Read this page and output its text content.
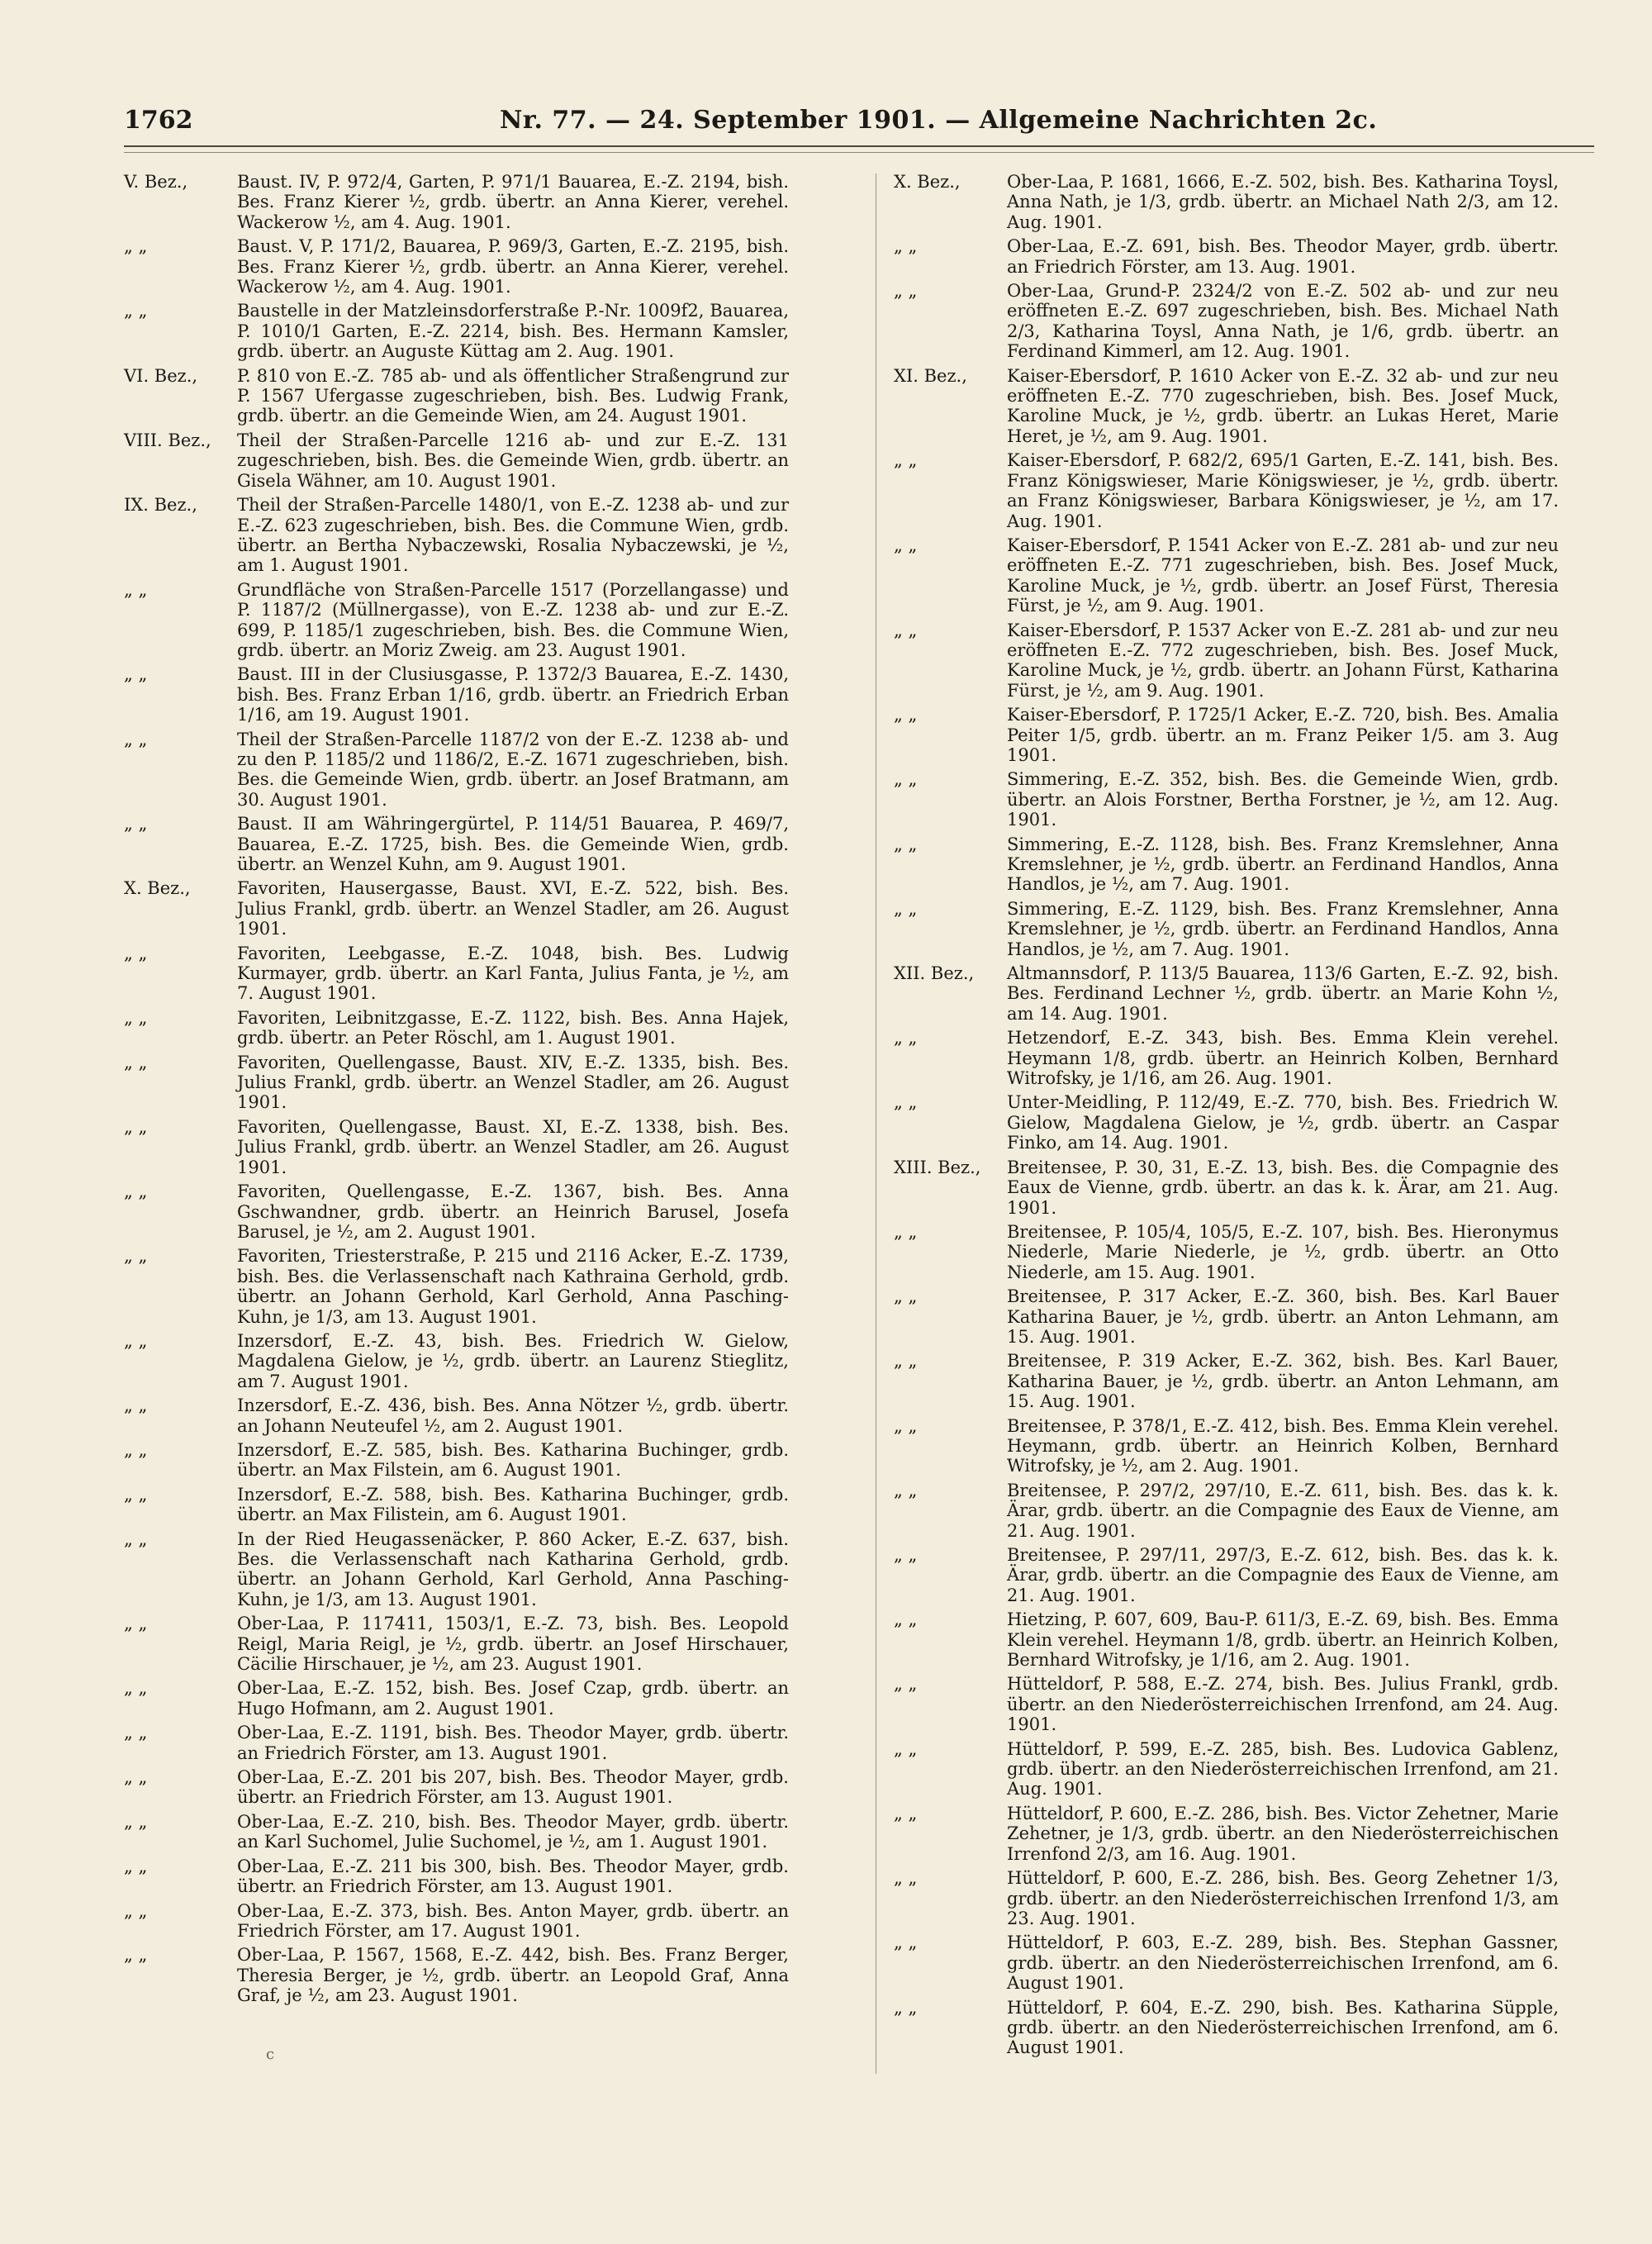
1762	Nr. 77. — 24. September 1901. — Allgemeine Nachrichten 2c.
V. Bez.,	Baust. IV, P. 972/4, Garten, P. 971/1 Bauarea, E.-Z. 2194, bish. Bes. Franz Kierer ½, grdb. übertr. an Anna Kierer, verehel. Wackerow ½, am 4. Aug. 1901.
„ „	Baust. V, P. 171/2, Bauarea, P. 969/3, Garten, E.-Z. 2195, bish. Bes. Franz Kierer ½, grdb. übertr. an Anna Kierer, verehel. Wackerow ½, am 4. Aug. 1901.
„ „	Baustelle in der Matzleinsdorferstraße P.-Nr. 1009f2, Bauarea, P. 1010/1 Garten, E.-Z. 2214, bish. Bes. Hermann Kamsler, grdb. übertr. an Auguste Küttag am 2. Aug. 1901.
VI. Bez.,	P. 810 von E.-Z. 785 ab- und als öffentlicher Straßengrund zur P. 1567 Ufergasse zugeschrieben, bish. Bes. Ludwig Frank, grdb. übertr. an die Gemeinde Wien, am 24. August 1901.
VIII. Bez.,	Theil der Straßen-Parcelle 1216 ab- und zur E.-Z. 131 zugeschrieben, bish. Bes. die Gemeinde Wien, grdb. übertr. an Gisela Wähner, am 10. August 1901.
IX. Bez.,	Theil der Straßen-Parcelle 1480/1, von E.-Z. 1238 ab- und zur E.-Z. 623 zugeschrieben, bish. Bes. die Commune Wien, grdb. übertr. an Bertha Nybaczewski, Rosalia Nybaczewski, je ½, am 1. August 1901.
„ „	Grundfläche von Straßen-Parcelle 1517 (Porzellangasse) und P. 1187/2 (Müllnergasse), von E.-Z. 1238 ab- und zur E.-Z. 699, P. 1185/1 zugeschrieben, bish. Bes. die Commune Wien, grdb. übertr. an Moriz Zweig. am 23. August 1901.
„ „	Baust. III in der Clusiusgasse, P. 1372/3 Bauarea, E.-Z. 1430, bish. Bes. Franz Erban 1/16, grdb. übertr. an Friedrich Erban 1/16, am 19. August 1901.
„ „	Theil der Straßen-Parcelle 1187/2 von der E.-Z. 1238 ab- und zu den P. 1185/2 und 1186/2, E.-Z. 1671 zugeschrieben, bish. Bes. die Gemeinde Wien, grdb. übertr. an Josef Bratmann, am 30. August 1901.
„ „	Baust. II am Währingergürtel, P. 114/51 Bauarea, P. 469/7, Bauarea, E.-Z. 1725, bish. Bes. die Gemeinde Wien, grdb. übertr. an Wenzel Kuhn, am 9. August 1901.
X. Bez.,	Favoriten, Hausergasse, Baust. XVI, E.-Z. 522, bish. Bes. Julius Frankl, grdb. übertr. an Wenzel Stadler, am 26. August 1901.
„ „	Favoriten, Leebgasse, E.-Z. 1048, bish. Bes. Ludwig Kurmayer, grdb. übertr. an Karl Fanta, Julius Fanta, je ½, am 7. August 1901.
„ „	Favoriten, Leibnitzgasse, E.-Z. 1122, bish. Bes. Anna Hajek, grdb. übertr. an Peter Röschl, am 1. August 1901.
„ „	Favoriten, Quellengasse, Baust. XIV, E.-Z. 1335, bish. Bes. Julius Frankl, grdb. übertr. an Wenzel Stadler, am 26. August 1901.
„ „	Favoriten, Quellengasse, Baust. XI, E.-Z. 1338, bish. Bes. Julius Frankl, grdb. übertr. an Wenzel Stadler, am 26. August 1901.
„ „	Favoriten, Quellengasse, E.-Z. 1367, bish. Bes. Anna Gschwandner, grdb. übertr. an Heinrich Barusel, Josefa Barusel, je ½, am 2. August 1901.
„ „	Favoriten, Triesterstraße, P. 215 und 2116 Acker, E.-Z. 1739, bish. Bes. die Verlassenschaft nach Kathraina Gerhold, grdb. übertr. an Johann Gerhold, Karl Gerhold, Anna Pasching-Kuhn, je 1/3, am 13. August 1901.
„ „	Inzersdorf, E.-Z. 43, bish. Bes. Friedrich W. Gielow, Magdalena Gielow, je ½, grdb. übertr. an Laurenz Stieglitz, am 7. August 1901.
„ „	Inzersdorf, E.-Z. 436, bish. Bes. Anna Nötzer ½, grdb. übertr. an Johann Neuteufel ½, am 2. August 1901.
„ „	Inzersdorf, E.-Z. 585, bish. Bes. Katharina Buchinger, grdb. übertr. an Max Filstein, am 6. August 1901.
„ „	Inzersdorf, E.-Z. 588, bish. Bes. Katharina Buchinger, grdb. übertr. an Max Filistein, am 6. August 1901.
„ „	In der Ried Heugassenäcker, P. 860 Acker, E.-Z. 637, bish. Bes. die Verlassenschaft nach Katharina Gerhold, grdb. übertr. an Johann Gerhold, Karl Gerhold, Anna Pasching-Kuhn, je 1/3, am 13. August 1901.
„ „	Ober-Laa, P. 117411, 1503/1, E.-Z. 73, bish. Bes. Leopold Reigl, Maria Reigl, je ½, grdb. übertr. an Josef Hirschauer, Cäcilie Hirschauer, je ½, am 23. August 1901.
„ „	Ober-Laa, E.-Z. 152, bish. Bes. Josef Czap, grdb. übertr. an Hugo Hofmann, am 2. August 1901.
„ „	Ober-Laa, E.-Z. 1191, bish. Bes. Theodor Mayer, grdb. übertr. an Friedrich Förster, am 13. August 1901.
„ „	Ober-Laa, E.-Z. 201 bis 207, bish. Bes. Theodor Mayer, grdb. übertr. an Friedrich Förster, am 13. August 1901.
„ „	Ober-Laa, E.-Z. 210, bish. Bes. Theodor Mayer, grdb. übertr. an Karl Suchomel, Julie Suchomel, je ½, am 1. August 1901.
„ „	Ober-Laa, E.-Z. 211 bis 300, bish. Bes. Theodor Mayer, grdb. übertr. an Friedrich Förster, am 13. August 1901.
„ „	Ober-Laa, E.-Z. 373, bish. Bes. Anton Mayer, grdb. übertr. an Friedrich Förster, am 17. August 1901.
„ „	Ober-Laa, P. 1567, 1568, E.-Z. 442, bish. Bes. Franz Berger, Theresia Berger, je ½, grdb. übertr. an Leopold Graf, Anna Graf, je ½, am 23. August 1901.
X. Bez.,	Ober-Laa, P. 1681, 1666, E.-Z. 502, bish. Bes. Katharina Toysl, Anna Nath, je 1/3, grdb. übertr. an Michael Nath 2/3, am 12. Aug. 1901.
„ „	Ober-Laa, E.-Z. 691, bish. Bes. Theodor Mayer, grdb. übertr. an Friedrich Förster, am 13. Aug. 1901.
„ „	Ober-Laa, Grund-P. 2324/2 von E.-Z. 502 ab- und zur neu eröffneten E.-Z. 697 zugeschrieben, bish. Bes. Michael Nath 2/3, Katharina Toysl, Anna Nath, je 1/6, grdb. übertr. an Ferdinand Kimmerl, am 12. Aug. 1901.
XI. Bez.,	Kaiser-Ebersdorf, P. 1610 Acker von E.-Z. 32 ab- und zur neu eröffneten E.-Z. 770 zugeschrieben, bish. Bes. Josef Muck, Karoline Muck, je ½, grdb. übertr. an Lukas Heret, Marie Heret, je ½, am 9. Aug. 1901.
„ „	Kaiser-Ebersdorf, P. 682/2, 695/1 Garten, E.-Z. 141, bish. Bes. Franz Königswieser, Marie Königswieser, je ½, grdb. übertr. an Franz Königswieser, Barbara Königswieser, je ½, am 17. Aug. 1901.
„ „	Kaiser-Ebersdorf, P. 1541 Acker von E.-Z. 281 ab- und zur neu eröffneten E.-Z. 771 zugeschrieben, bish. Bes. Josef Muck, Karoline Muck, je ½, grdb. übertr. an Josef Fürst, Theresia Fürst, je ½, am 9. Aug. 1901.
„ „	Kaiser-Ebersdorf, P. 1537 Acker von E.-Z. 281 ab- und zur neu eröffneten E.-Z. 772 zugeschrieben, bish. Bes. Josef Muck, Karoline Muck, je ½, grdb. übertr. an Johann Fürst, Katharina Fürst, je ½, am 9. Aug. 1901.
„ „	Kaiser-Ebersdorf, P. 1725/1 Acker, E.-Z. 720, bish. Bes. Amalia Peiter 1/5, grdb. übertr. an m. Franz Peiker 1/5. am 3. Aug 1901.
„ „	Simmering, E.-Z. 352, bish. Bes. die Gemeinde Wien, grdb. übertr. an Alois Forstner, Bertha Forstner, je ½, am 12. Aug. 1901.
„ „	Simmering, E.-Z. 1128, bish. Bes. Franz Kremslehner, Anna Kremslehner, je ½, grdb. übertr. an Ferdinand Handlos, Anna Handlos, je ½, am 7. Aug. 1901.
„ „	Simmering, E.-Z. 1129, bish. Bes. Franz Kremslehner, Anna Kremslehner, je ½, grdb. übertr. an Ferdinand Handlos, Anna Handlos, je ½, am 7. Aug. 1901.
XII. Bez.,	Altmannsdorf, P. 113/5 Bauarea, 113/6 Garten, E.-Z. 92, bish. Bes. Ferdinand Lechner ½, grdb. übertr. an Marie Kohn ½, am 14. Aug. 1901.
„ „	Hetzendorf, E.-Z. 343, bish. Bes. Emma Klein verehel. Heymann 1/8, grdb. übertr. an Heinrich Kolben, Bernhard Witrofsky, je 1/16, am 26. Aug. 1901.
„ „	Unter-Meidling, P. 112/49, E.-Z. 770, bish. Bes. Friedrich W. Gielow, Magdalena Gielow, je ½, grdb. übertr. an Caspar Finko, am 14. Aug. 1901.
XIII. Bez.,	Breitensee, P. 30, 31, E.-Z. 13, bish. Bes. die Compagnie des Eaux de Vienne, grdb. übertr. an das k. k. Ärar, am 21. Aug. 1901.
„ „	Breitensee, P. 105/4, 105/5, E.-Z. 107, bish. Bes. Hieronymus Niederle, Marie Niederle, je ½, grdb. übertr. an Otto Niederle, am 15. Aug. 1901.
„ „	Breitensee, P. 317 Acker, E.-Z. 360, bish. Bes. Karl Bauer Katharina Bauer, je ½, grdb. übertr. an Anton Lehmann, am 15. Aug. 1901.
„ „	Breitensee, P. 319 Acker, E.-Z. 362, bish. Bes. Karl Bauer, Katharina Bauer, je ½, grdb. übertr. an Anton Lehmann, am 15. Aug. 1901.
„ „	Breitensee, P. 378/1, E.-Z. 412, bish. Bes. Emma Klein verehel. Heymann, grdb. übertr. an Heinrich Kolben, Bernhard Witrofsky, je ½, am 2. Aug. 1901.
„ „	Breitensee, P. 297/2, 297/10, E.-Z. 611, bish. Bes. das k. k. Ärar, grdb. übertr. an die Compagnie des Eaux de Vienne, am 21. Aug. 1901.
„ „	Breitensee, P. 297/11, 297/3, E.-Z. 612, bish. Bes. das k. k. Ärar, grdb. übertr. an die Compagnie des Eaux de Vienne, am 21. Aug. 1901.
„ „	Hietzing, P. 607, 609, Bau-P. 611/3, E.-Z. 69, bish. Bes. Emma Klein verehel. Heymann 1/8, grdb. übertr. an Heinrich Kolben, Bernhard Witrofsky, je 1/16, am 2. Aug. 1901.
„ „	Hütteldorf, P. 588, E.-Z. 274, bish. Bes. Julius Frankl, grdb. übertr. an den Niederösterreichischen Irrenfond, am 24. Aug. 1901.
„ „	Hütteldorf, P. 599, E.-Z. 285, bish. Bes. Ludovica Gablenz, grdb. übertr. an den Niederösterreichischen Irrenfond, am 21. Aug. 1901.
„ „	Hütteldorf, P. 600, E.-Z. 286, bish. Bes. Victor Zehetner, Marie Zehetner, je 1/3, grdb. übertr. an den Niederösterreichischen Irrenfond 2/3, am 16. Aug. 1901.
„ „	Hütteldorf, P. 600, E.-Z. 286, bish. Bes. Georg Zehetner 1/3, grdb. übertr. an den Niederösterreichischen Irrenfond 1/3, am 23. Aug. 1901.
„ „	Hütteldorf, P. 603, E.-Z. 289, bish. Bes. Stephan Gassner, grdb. übertr. an den Niederösterreichischen Irrenfond, am 6. August 1901.
„ „	Hütteldorf, P. 604, E.-Z. 290, bish. Bes. Katharina Süpple, grdb. übertr. an den Niederösterreichischen Irrenfond, am 6. August 1901.
c
